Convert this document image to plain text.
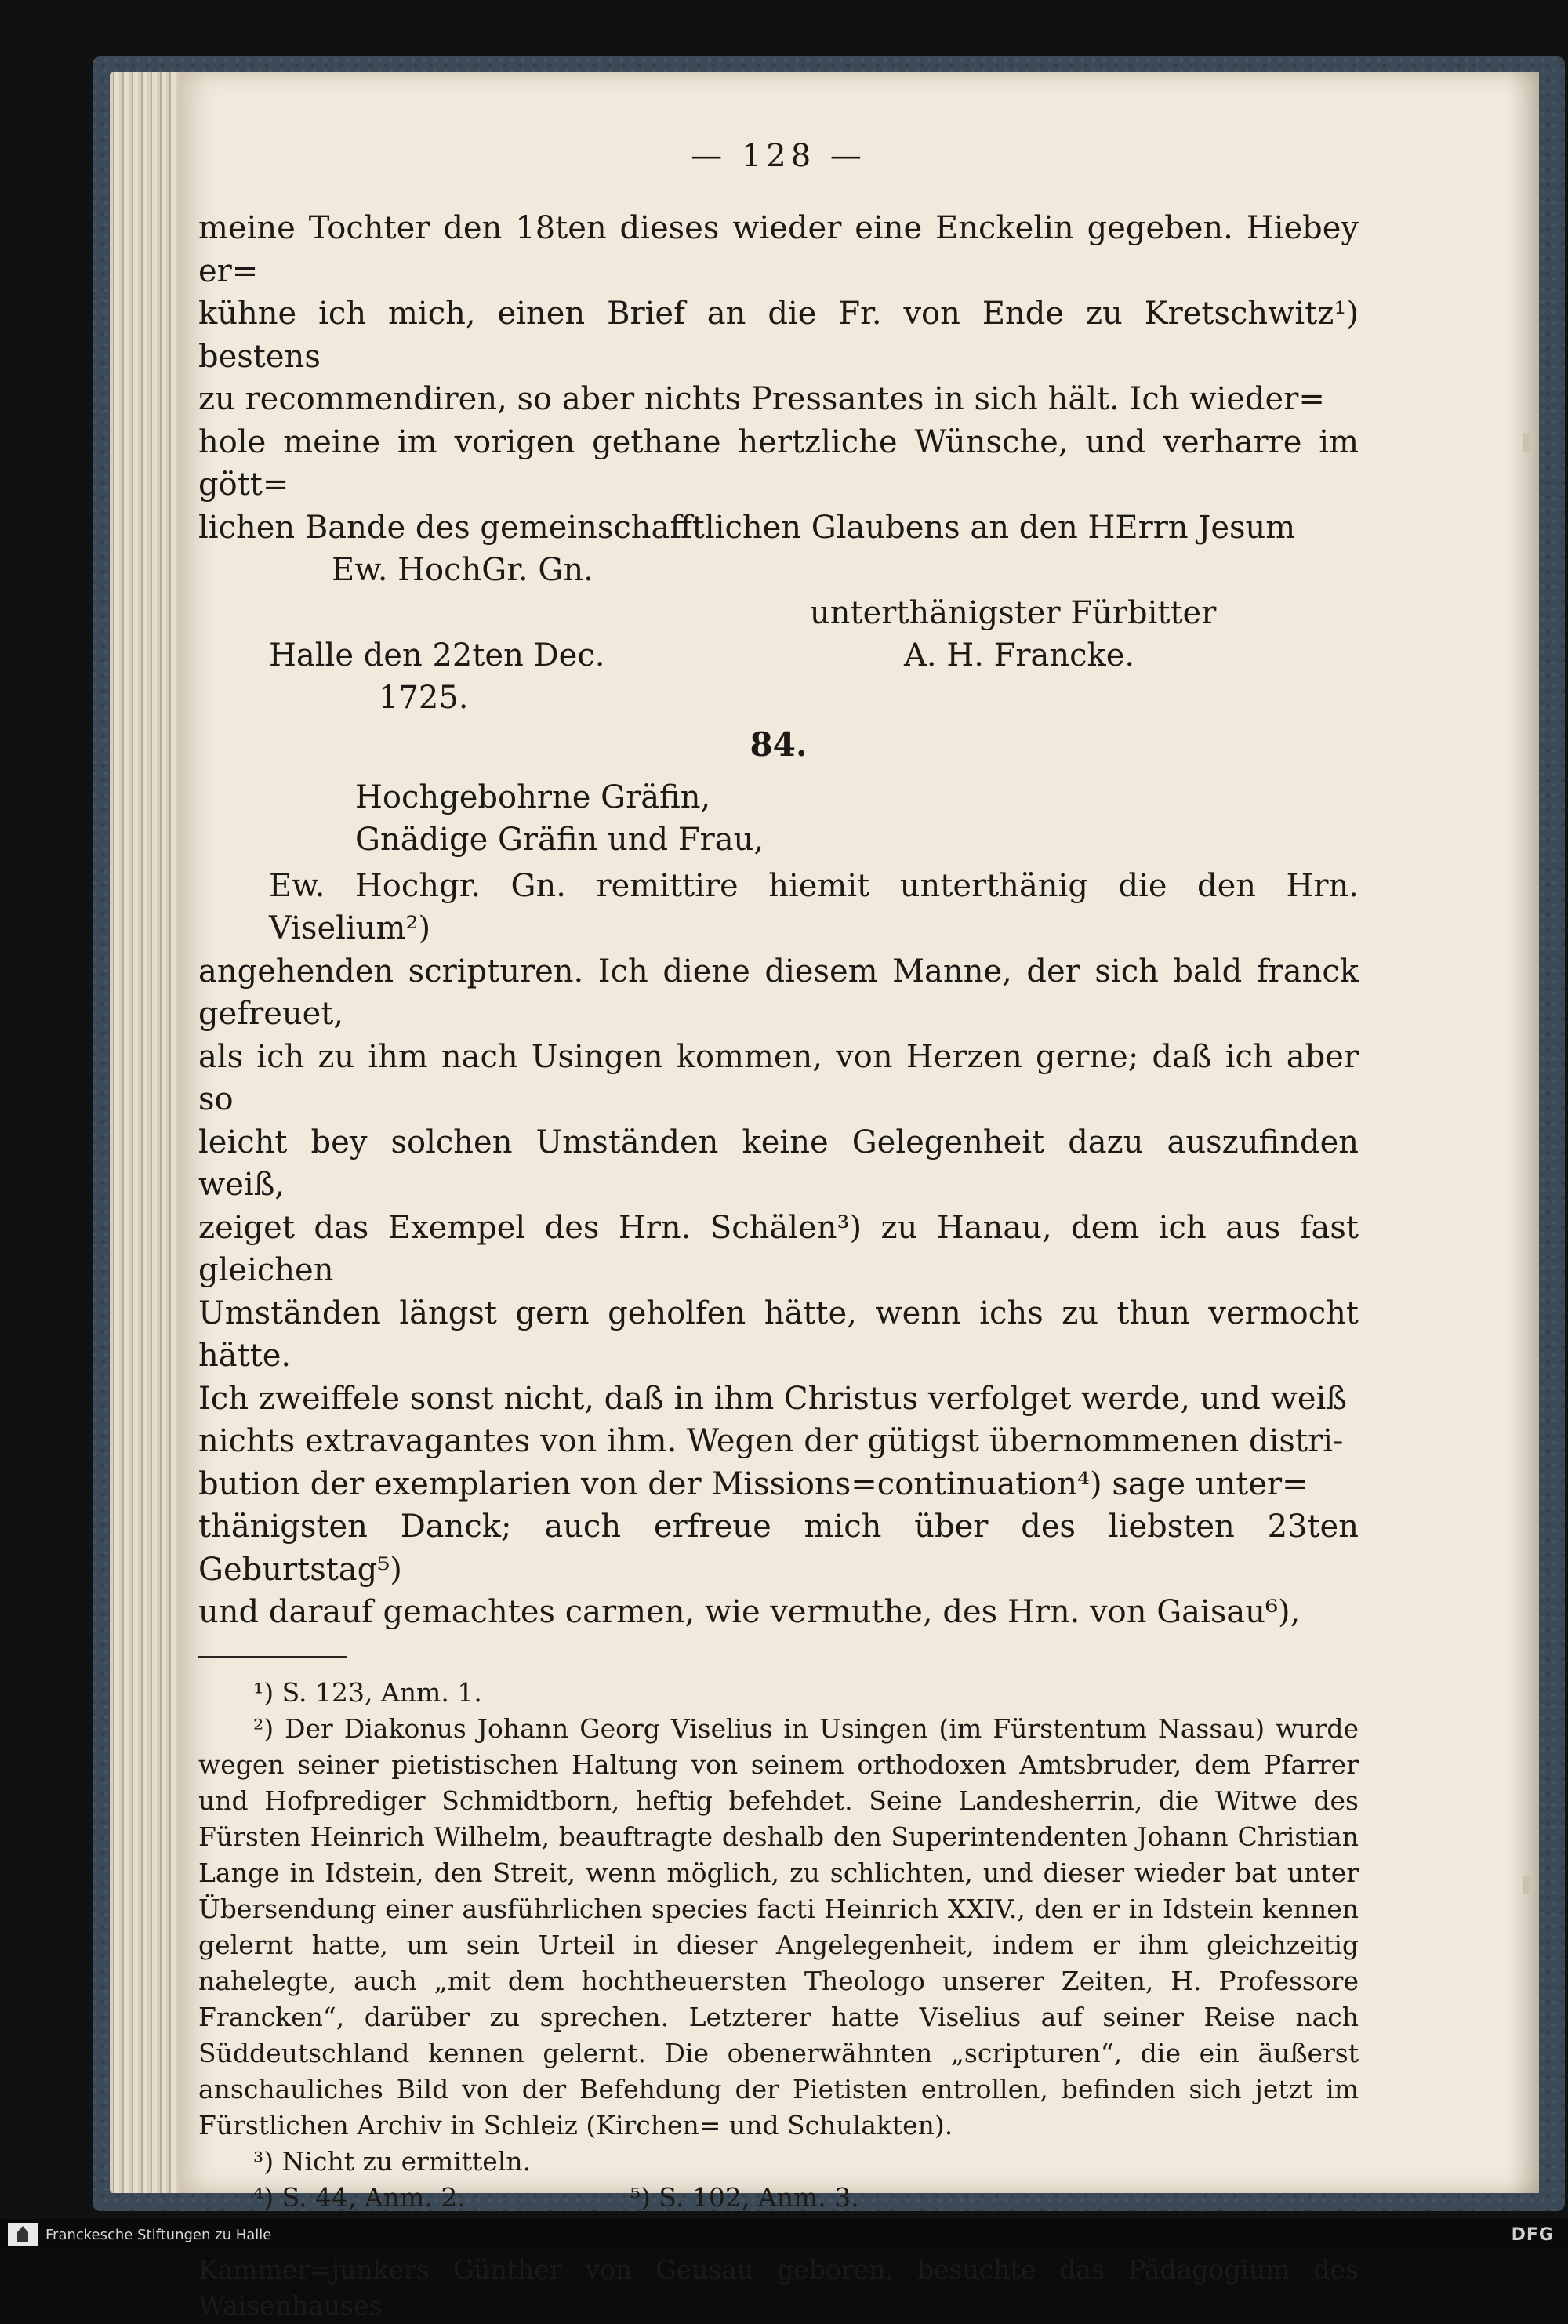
— 128 —
meine Tochter den 18ten dieses wieder eine Enckelin gegeben. Hiebey er=
kühne ich mich, einen Brief an die Fr. von Ende zu Kretschwitz¹) bestens
zu recommendiren, so aber nichts Pressantes in sich hält. Ich wieder=
hole meine im vorigen gethane hertzliche Wünsche, und verharre im gött=
lichen Bande des gemeinschafftlichen Glaubens an den HErrn Jesum
Ew. HochGr. Gn.
unterthänigster Fürbitter
Halle den 22ten Dec.
1725.
A. H. Francke.
84.
Hochgebohrne Gräfin,
Gnädige Gräfin und Frau,
Ew. Hochgr. Gn. remittire hiemit unterthänig die den Hrn. Viselium²)
angehenden scripturen. Ich diene diesem Manne, der sich bald franck gefreuet,
als ich zu ihm nach Usingen kommen, von Herzen gerne; daß ich aber so
leicht bey solchen Umständen keine Gelegenheit dazu auszufinden weiß,
zeiget das Exempel des Hrn. Schälen³) zu Hanau, dem ich aus fast gleichen
Umständen längst gern geholfen hätte, wenn ichs zu thun vermocht hätte.
Ich zweiffele sonst nicht, daß in ihm Christus verfolget werde, und weiß
nichts extravagantes von ihm. Wegen der gütigst übernommenen distri-
bution der exemplarien von der Missions=continuation⁴) sage unter=
thänigsten Danck; auch erfreue mich über des liebsten 23ten Geburtstag⁵)
und darauf gemachtes carmen, wie vermuthe, des Hrn. von Gaisau⁶),

¹) S. 123, Anm. 1.

²) Der Diakonus Johann Georg Viselius in Usingen (im Fürstentum Nassau) wurde wegen seiner pietistischen Haltung von seinem orthodoxen Amtsbruder, dem Pfarrer und Hofprediger Schmidtborn, heftig befehdet. Seine Landesherrin, die Witwe des Fürsten Heinrich Wilhelm, beauftragte deshalb den Superintendenten Johann Christian Lange in Idstein, den Streit, wenn möglich, zu schlichten, und dieser wieder bat unter Übersendung einer ausführlichen species facti Heinrich XXIV., den er in Idstein kennen gelernt hatte, um sein Urteil in dieser Angelegenheit, indem er ihm gleichzeitig nahelegte, auch „mit dem hochtheuersten Theologo unserer Zeiten, H. Professore Francken“, darüber zu sprechen. Letzterer hatte Viselius auf seiner Reise nach Süddeutschland kennen gelernt. Die obenerwähnten „scripturen“, die ein äußerst anschauliches Bild von der Befehdung der Pietisten entrollen, befinden sich jetzt im Fürstlichen Archiv in Schleiz (Kirchen= und Schulakten).

³) Nicht zu ermitteln.

⁴) S. 44, Anm. 2.	⁵) S. 102, Anm. 3.

Kammer=junkers Günther von Geusau geboren, besuchte das Pädagogium des Waisenhauses

Franckesche Stiftungen zu Halle	DFG
